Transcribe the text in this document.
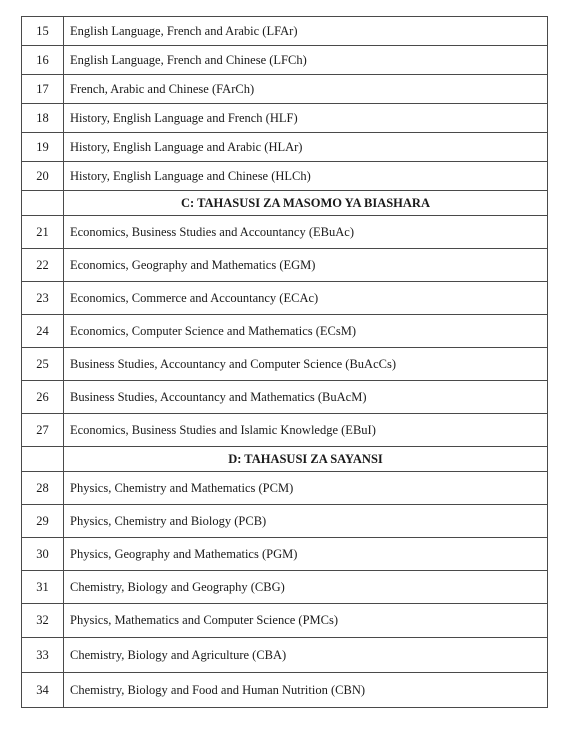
15	English Language, French and Arabic (LFAr)
16	English Language, French and Chinese (LFCh)
17	French, Arabic and Chinese (FArCh)
18	History, English Language and French (HLF)
19	History, English Language and Arabic (HLAr)
20	History, English Language and Chinese (HLCh)
	C: TAHASUSI ZA MASOMO YA BIASHARA
21	Economics, Business Studies and Accountancy (EBuAc)
22	Economics, Geography and Mathematics (EGM)
23	Economics, Commerce and Accountancy (ECAc)
24	Economics, Computer Science and Mathematics (ECsM)
25	Business Studies, Accountancy and Computer Science (BuAcCs)
26	Business Studies, Accountancy and Mathematics (BuAcM)
27	Economics, Business Studies and Islamic Knowledge (EBuI)
	D: TAHASUSI ZA SAYANSI
28	Physics, Chemistry and Mathematics (PCM)
29	Physics, Chemistry and Biology (PCB)
30	Physics, Geography and Mathematics (PGM)
31	Chemistry, Biology and Geography (CBG)
32	Physics, Mathematics and Computer Science (PMCs)
33	Chemistry, Biology and Agriculture (CBA)
34	Chemistry, Biology and Food and Human Nutrition (CBN)
